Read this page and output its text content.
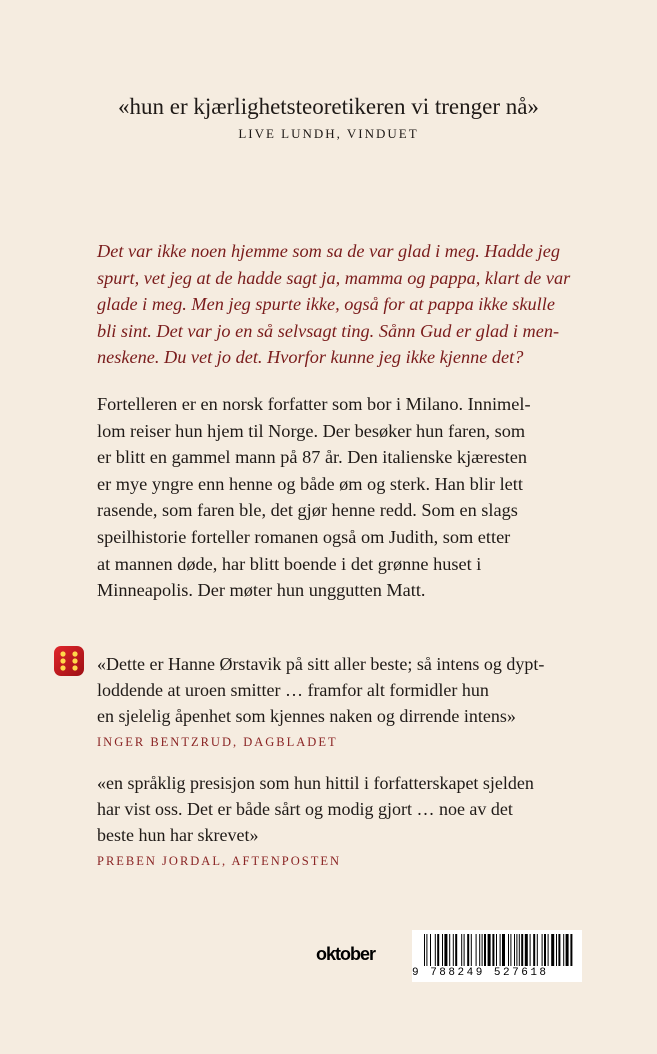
«hun er kjærlighetsteoretikeren vi trenger nå»
LIVE LUNDH, VINDUET

Det var ikke noen hjemme som sa de var glad i meg. Hadde jeg
spurt, vet jeg at de hadde sagt ja, mamma og pappa, klart de var
glade i meg. Men jeg spurte ikke, også for at pappa ikke skulle
bli sint. Det var jo en så selvsagt ting. Sånn Gud er glad i men-
neskene. Du vet jo det. Hvorfor kunne jeg ikke kjenne det?

Fortelleren er en norsk forfatter som bor i Milano. Innimel-
lom reiser hun hjem til Norge. Der besøker hun faren, som
er blitt en gammel mann på 87 år. Den italienske kjæresten
er mye yngre enn henne og både øm og sterk. Han blir lett
rasende, som faren ble, det gjør henne redd. Som en slags
speilhistorie forteller romanen også om Judith, som etter
at mannen døde, har blitt boende i det grønne huset i
Minneapolis. Der møter hun unggutten Matt.

«Dette er Hanne Ørstavik på sitt aller beste; så intens og dypt-
loddende at uroen smitter … framfor alt formidler hun
en sjelelig åpenhet som kjennes naken og dirrende intens»

INGER BENTZRUD, DAGBLADET

«en språklig presisjon som hun hittil i forfatterskapet sjelden
har vist oss. Det er både sårt og modig gjort … noe av det
beste hun har skrevet»

PREBEN JORDAL, AFTENPOSTEN
oktober
9 788249 527618
